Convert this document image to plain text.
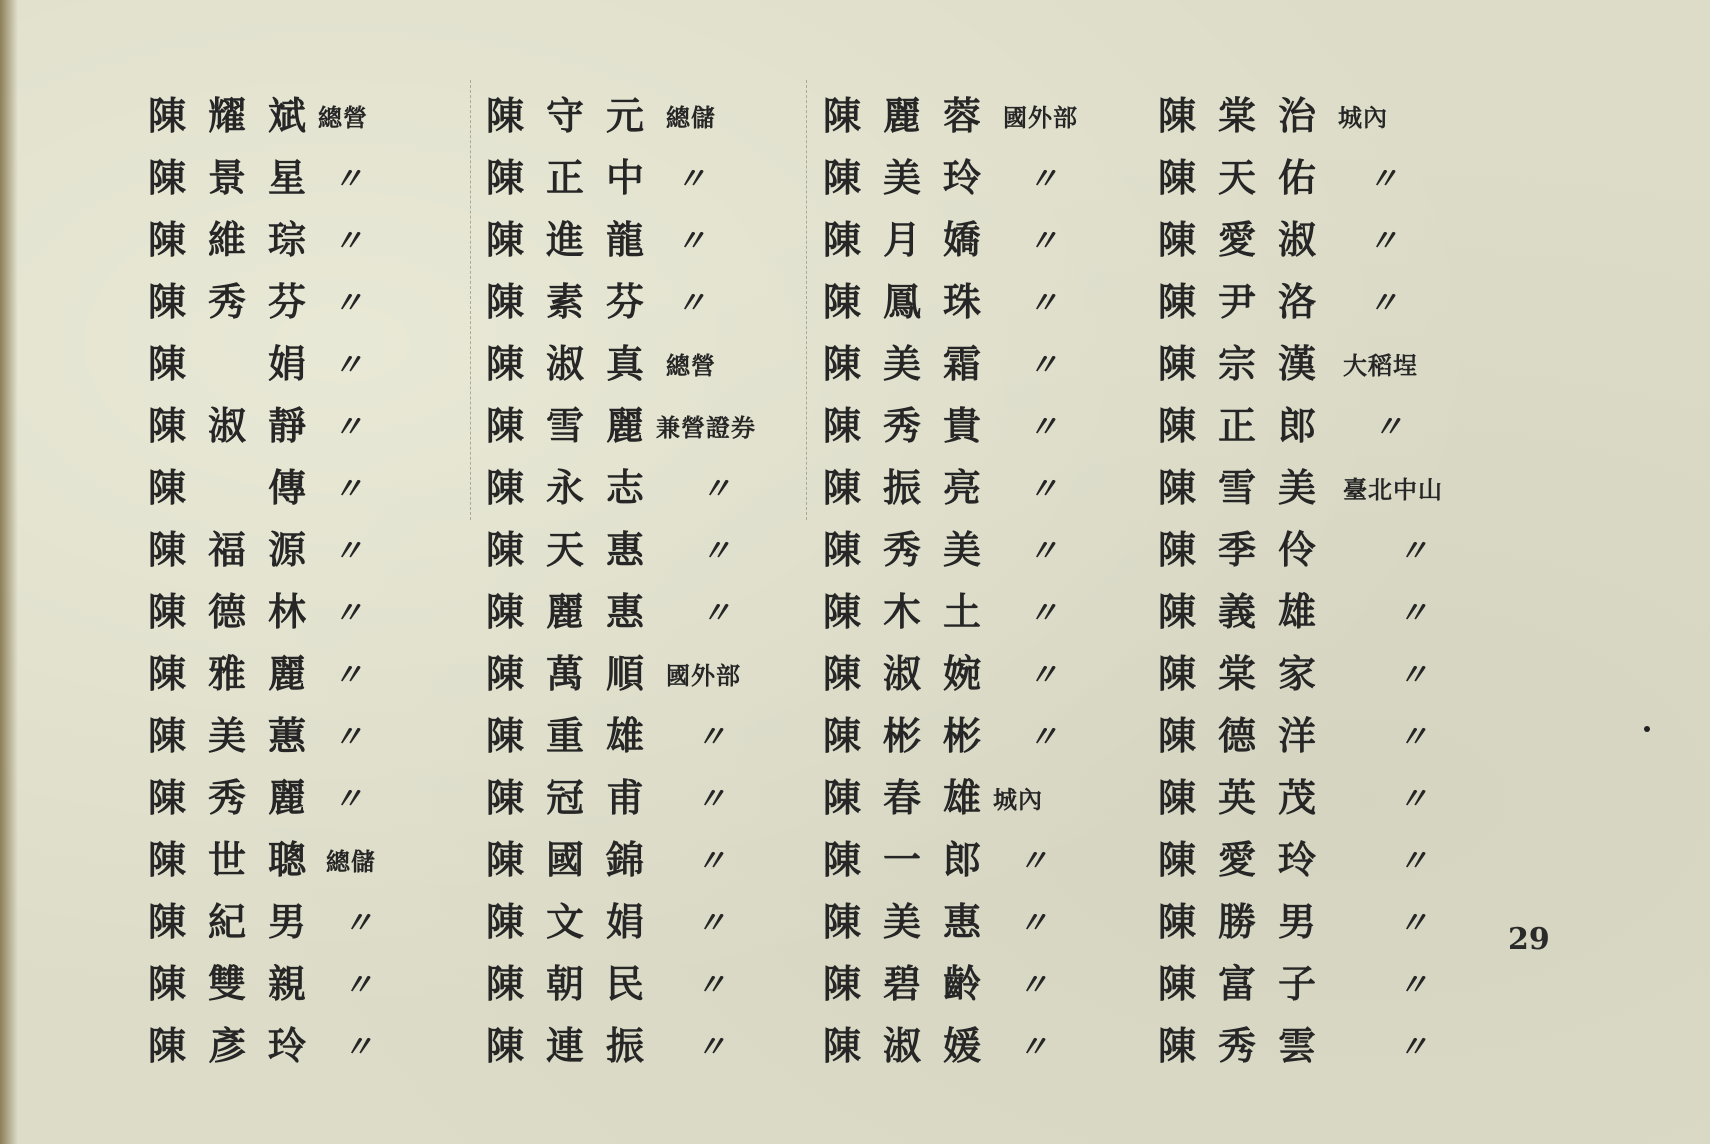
陳耀斌
總營
陳景星 〃
陳維琮 〃
陳秀芬 〃
陳　娟 〃
陳淑靜 〃
陳　傳 〃
陳福源 〃
陳德林 〃
陳雅麗 〃
陳美蕙 〃
陳秀麗 〃
陳世聰
總儲
陳紀男 〃
陳雙親 〃
陳彥玲 〃
陳守元 總儲
陳正中 〃
陳進龍 〃
陳素芬 〃
陳淑真 總營
陳雪麗
兼營證券
陳永志 〃
陳天惠 〃
陳麗惠 〃
陳萬順 國外部
陳重雄 〃
陳冠甫 〃
陳國錦 〃
陳文娟 〃
陳朝民 〃
陳連振 〃
陳麗蓉 國外部
陳美玲 〃
陳月嬌 〃
陳鳳珠 〃
陳美霜 〃
陳秀貴 〃
陳振亮 〃
陳秀美 〃
陳木土 〃
陳淑婉 〃
陳彬彬 〃
陳春雄
城內
陳一郎 〃
陳美惠 〃
陳碧齡 〃
陳淑媛 〃
陳棠治 城內
陳天佑 〃
陳愛淑 〃
陳尹洛 〃
陳宗漢 大稻埕
陳正郎 〃
陳雪美 臺北中山
陳季伶 〃
陳義雄 〃
陳棠家 〃
陳德洋 〃
陳英茂 〃
陳愛玲 〃
陳勝男 〃
陳富子 〃
陳秀雲 〃
29
